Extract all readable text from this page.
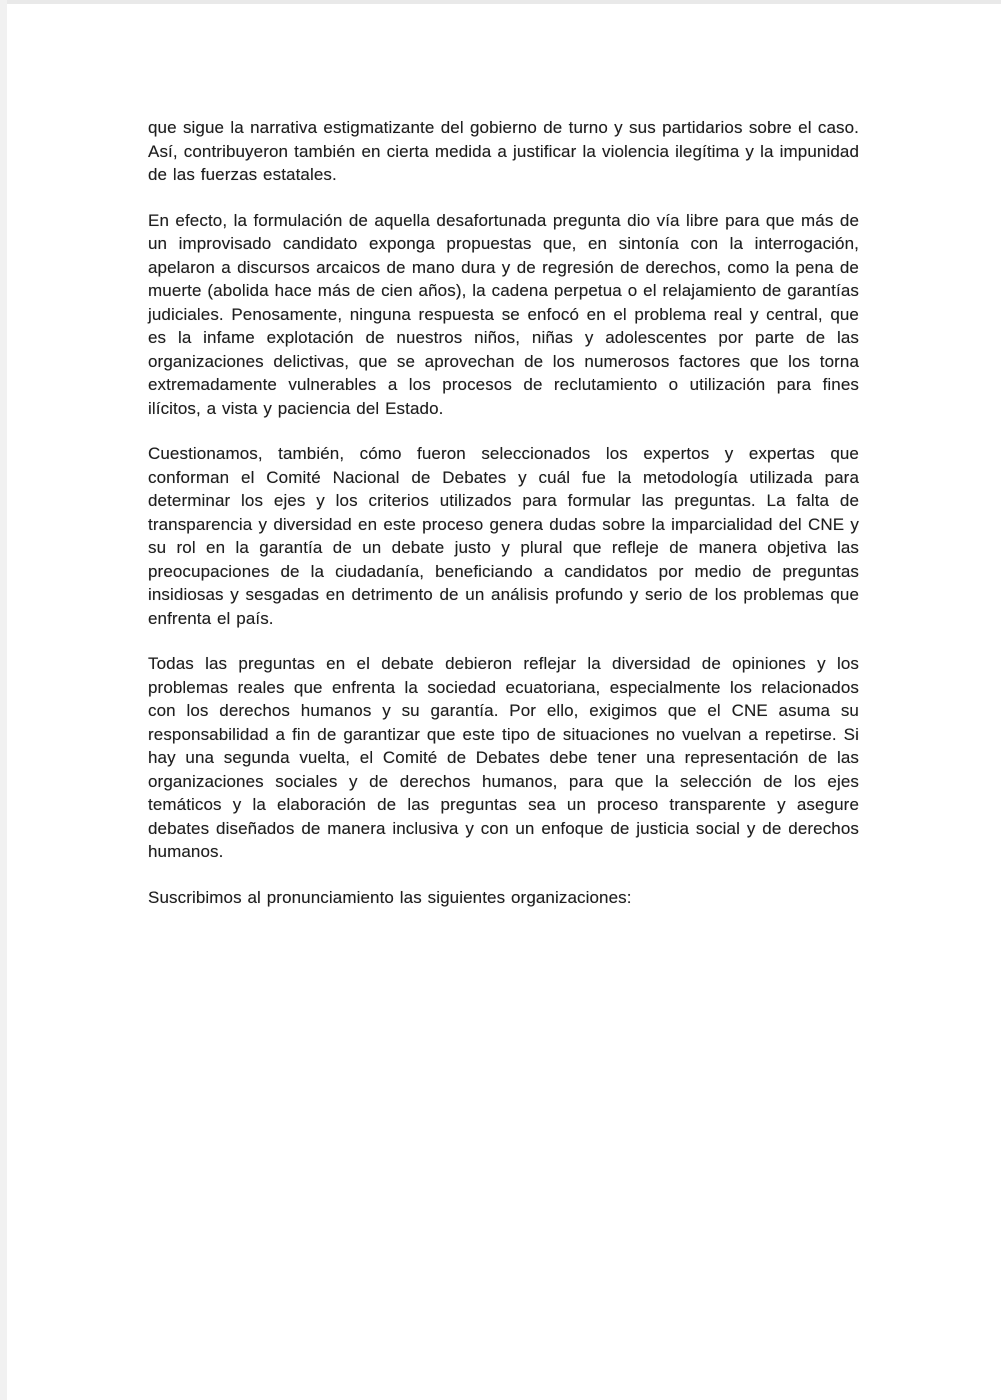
que sigue la narrativa estigmatizante del gobierno de turno y sus partidarios sobre el caso. Así, contribuyeron también en cierta medida a justificar la violencia ilegítima y la impunidad de las fuerzas estatales.

En efecto, la formulación de aquella desafortunada pregunta dio vía libre para que más de un improvisado candidato exponga propuestas que, en sintonía con la interrogación, apelaron a discursos arcaicos de mano dura y de regresión de derechos, como la pena de muerte (abolida hace más de cien años), la cadena perpetua o el relajamiento de garantías judiciales. Penosamente, ninguna respuesta se enfocó en el problema real y central, que es la infame explotación de nuestros niños, niñas y adolescentes por parte de las organizaciones delictivas, que se aprovechan de los numerosos factores que los torna extremadamente vulnerables a los procesos de reclutamiento o utilización para fines ilícitos, a vista y paciencia del Estado.

Cuestionamos, también, cómo fueron seleccionados los expertos y expertas que conforman el Comité Nacional de Debates y cuál fue la metodología utilizada para determinar los ejes y los criterios utilizados para formular las preguntas. La falta de transparencia y diversidad en este proceso genera dudas sobre la imparcialidad del CNE y su rol en la garantía de un debate justo y plural que refleje de manera objetiva las preocupaciones de la ciudadanía, beneficiando a candidatos por medio de preguntas insidiosas y sesgadas en detrimento de un análisis profundo y serio de los problemas que enfrenta el país.

Todas las preguntas en el debate debieron reflejar la diversidad de opiniones y los problemas reales que enfrenta la sociedad ecuatoriana, especialmente los relacionados con los derechos humanos y su garantía. Por ello, exigimos que el CNE asuma su responsabilidad a fin de garantizar que este tipo de situaciones no vuelvan a repetirse. Si hay una segunda vuelta, el Comité de Debates debe tener una representación de las organizaciones sociales y de derechos humanos, para que la selección de los ejes temáticos y la elaboración de las preguntas sea un proceso transparente y asegure debates diseñados de manera inclusiva y con un enfoque de justicia social y de derechos humanos.

Suscribimos al pronunciamiento las siguientes organizaciones:
